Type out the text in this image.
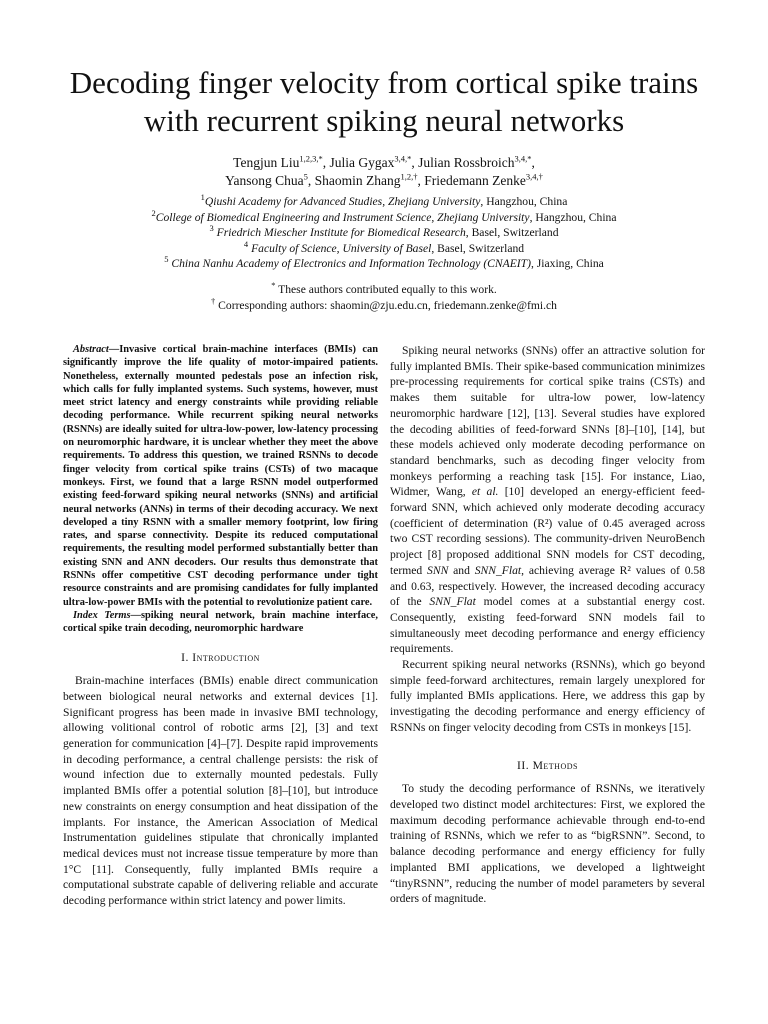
Decoding finger velocity from cortical spike trains
with recurrent spiking neural networks
Tengjun Liu$^{1,2,3,*}$, Julia Gygax$^{3,4,*}$, Julian Rossbroich$^{3,4,*}$,
Yansong Chua$^5$, Shaomin Zhang$^{1,2,\dagger}$, Friedemann Zenke$^{3,4,\dagger}$
$^1$Qiushi Academy for Advanced Studies, Zhejiang University, Hangzhou, China
$^2$College of Biomedical Engineering and Instrument Science, Zhejiang University, Hangzhou, China
$^3$ Friedrich Miescher Institute for Biomedical Research, Basel, Switzerland
$^4$ Faculty of Science, University of Basel, Basel, Switzerland
$^5$ China Nanhu Academy of Electronics and Information Technology (CNAEIT), Jiaxing, China
* These authors contributed equally to this work.
† Corresponding authors: shaomin@zju.edu.cn, friedemann.zenke@fmi.ch

Abstract—Invasive cortical brain-machine interfaces (BMIs) can significantly improve the life quality of motor-impaired patients. Nonetheless, externally mounted pedestals pose an infection risk, which calls for fully implanted systems. Such systems, however, must meet strict latency and energy constraints while providing reliable decoding performance. While recurrent spiking neural networks (RSNNs) are ideally suited for ultra-low-power, low-latency processing on neuromorphic hardware, it is unclear whether they meet the above requirements. To address this question, we trained RSNNs to decode finger velocity from cortical spike trains (CSTs) of two macaque monkeys. First, we found that a large RSNN model outperformed existing feed-forward spiking neural networks (SNNs) and artificial neural networks (ANNs) in terms of their decoding accuracy. We next developed a tiny RSNN with a smaller memory footprint, low firing rates, and sparse connectivity. Despite its reduced computational requirements, the resulting model performed substantially better than existing SNN and ANN decoders. Our results thus demonstrate that RSNNs offer competitive CST decoding performance under tight resource constraints and are promising candidates for fully implanted ultra-low-power BMIs with the potential to revolutionize patient care.

Index Terms—spiking neural network, brain machine interface, cortical spike train decoding, neuromorphic hardware

I. Introduction

Brain-machine interfaces (BMIs) enable direct communication between biological neural networks and external devices [1]. Significant progress has been made in invasive BMI technology, allowing volitional control of robotic arms [2], [3] and text generation for communication [4]–[7]. Despite rapid improvements in decoding performance, a central challenge persists: the risk of wound infection due to externally mounted pedestals. Fully implanted BMIs offer a potential solution [8]–[10], but introduce new constraints on energy consumption and heat dissipation of the implants. For instance, the American Association of Medical Instrumentation guidelines stipulate that chronically implanted medical devices must not increase tissue temperature by more than 1°C [11]. Consequently, fully implanted BMIs require a computational substrate capable of delivering reliable and accurate decoding performance within strict latency and power limits.

Spiking neural networks (SNNs) offer an attractive solution for fully implanted BMIs. Their spike-based communication minimizes pre-processing requirements for cortical spike trains (CSTs) and makes them suitable for ultra-low power, low-latency neuromorphic hardware [12], [13]. Several studies have explored the decoding abilities of feed-forward SNNs [8]–[10], [14], but these models achieved only moderate decoding performance on standard benchmarks, such as decoding finger velocity from monkeys performing a reaching task [15]. For instance, Liao, Widmer, Wang, et al. [10] developed an energy-efficient feed-forward SNN, which achieved only moderate decoding accuracy (coefficient of determination (R²) value of 0.45 averaged across two CST recording sessions). The community-driven NeuroBench project [8] proposed additional SNN models for CST decoding, termed SNN and SNN_Flat, achieving average R² values of 0.58 and 0.63, respectively. However, the increased decoding accuracy of the SNN_Flat model comes at a substantial energy cost. Consequently, existing feed-forward SNN models fail to simultaneously meet decoding performance and energy efficiency requirements.

Recurrent spiking neural networks (RSNNs), which go beyond simple feed-forward architectures, remain largely unexplored for fully implanted BMIs applications. Here, we address this gap by investigating the decoding performance and energy efficiency of RSNNs on finger velocity decoding from CSTs in monkeys [15].

II. Methods

To study the decoding performance of RSNNs, we iteratively developed two distinct model architectures: First, we explored the maximum decoding performance achievable through end-to-end training of RSNNs, which we refer to as “bigRSNN”. Second, to balance decoding performance and energy efficiency for fully implanted BMI applications, we developed a lightweight “tinyRSNN”, reducing the number of model parameters by several orders of magnitude.
